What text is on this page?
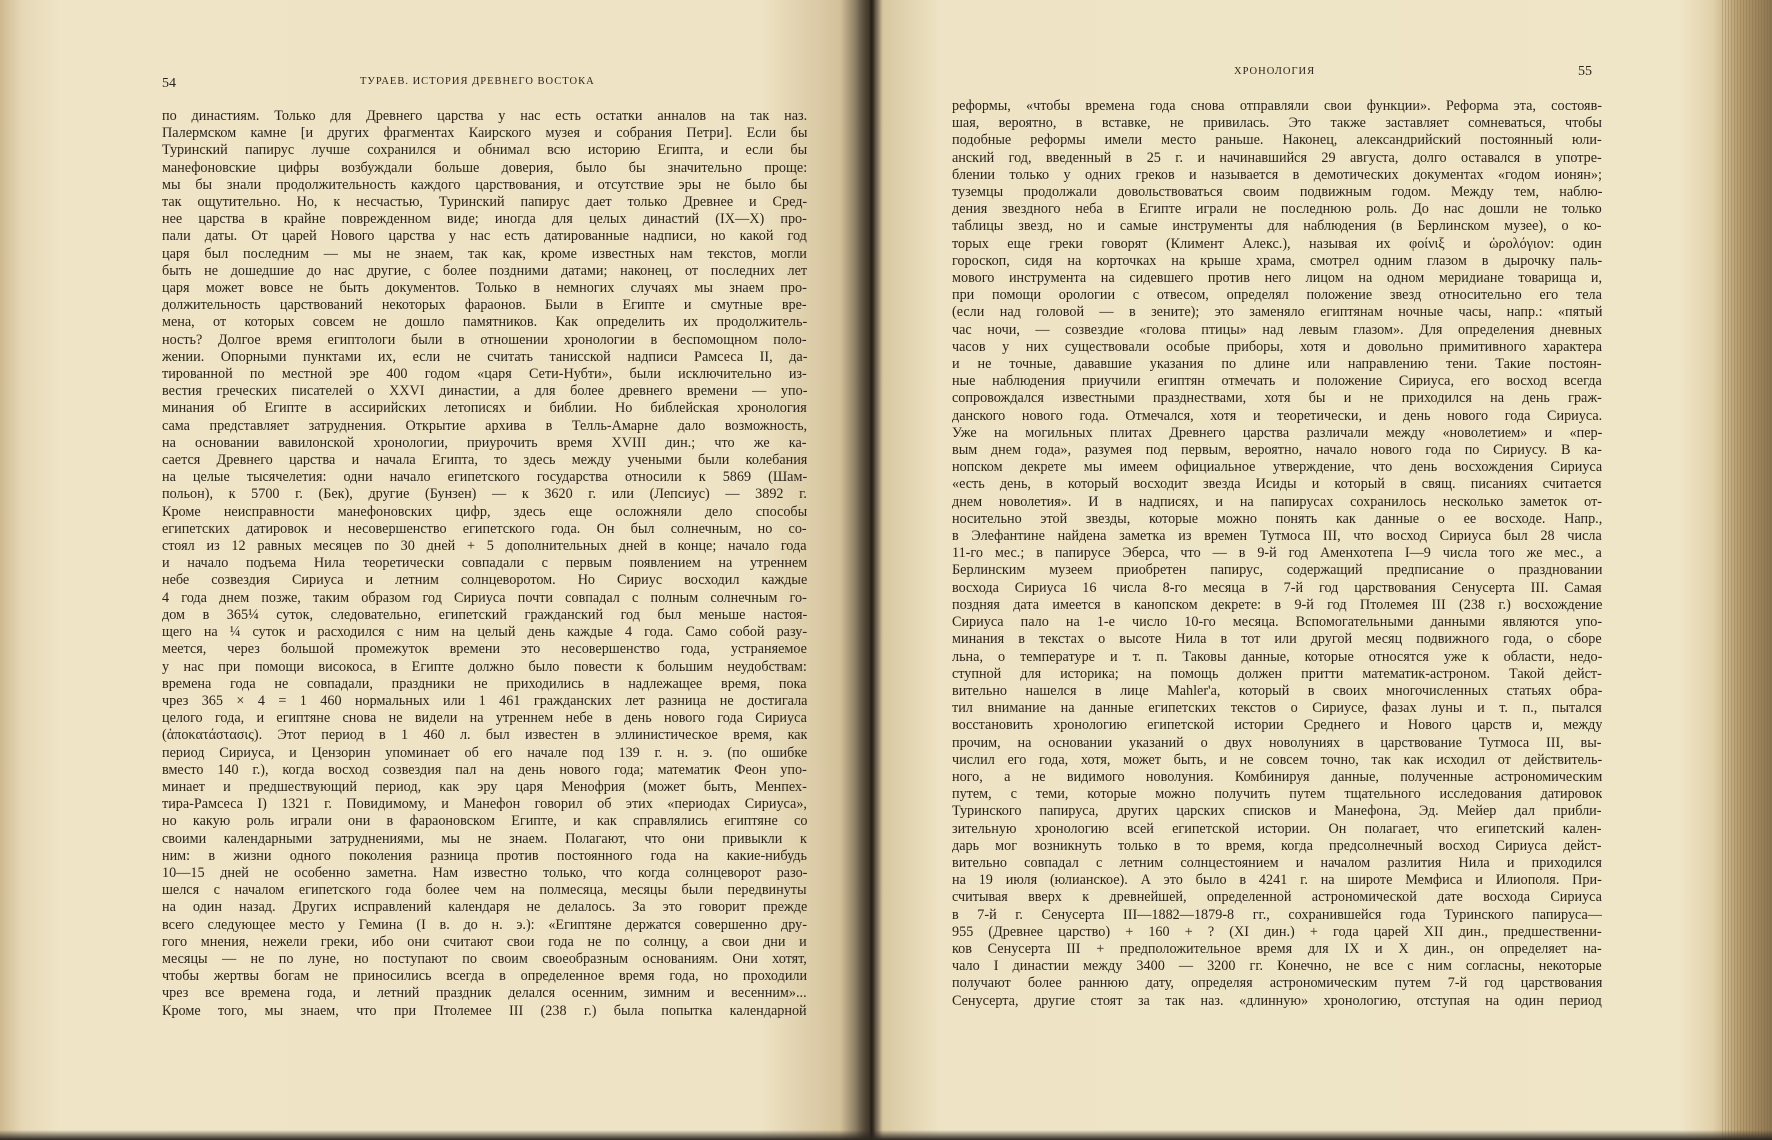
54	ТУРАЕВ. ИСТОРИЯ ДРЕВНЕГО ВОСТОКА
по династиям. Только для Древнего царства у нас есть остатки анналов на так наз.
Палермском камне [и других фрагментах Каирского музея и собрания Петри]. Если бы
Туринский папирус лучше сохранился и обнимал всю историю Египта, и если бы
манефоновские цифры возбуждали больше доверия, было бы значительно проще:
мы бы знали продолжительность каждого царствования, и отсутствие эры не было бы
так ощутительно. Но, к несчастью, Туринский папирус дает только Древнее и Сред-
нее царства в крайне поврежденном виде; иногда для целых династий (IX—X) про-
пали даты. От царей Нового царства у нас есть датированные надписи, но какой год
царя был последним — мы не знаем, так как, кроме известных нам текстов, могли
быть не дошедшие до нас другие, с более поздними датами; наконец, от последних лет
царя может вовсе не быть документов. Только в немногих случаях мы знаем про-
должительность царствований некоторых фараонов. Были в Египте и смутные вре-
мена, от которых совсем не дошло памятников. Как определить их продолжитель-
ность? Долгое время египтологи были в отношении хронологии в беспомощном поло-
жении. Опорными пунктами их, если не считать танисской надписи Рамсеса II, да-
тированной по местной эре 400 годом «царя Сети-Нубти», были исключительно из-
вестия греческих писателей о XXVI династии, а для более древнего времени — упо-
минания об Египте в ассирийских летописях и библии. Но библейская хронология
сама представляет затруднения. Открытие архива в Телль-Амарне дало возможность,
на основании вавилонской хронологии, приурочить время XVIII дин.; что же ка-
сается Древнего царства и начала Египта, то здесь между учеными были колебания
на целые тысячелетия: одни начало египетского государства относили к 5869 (Шам-
польон), к 5700 г. (Бек), другие (Бунзен) — к 3620 г. или (Лепсиус) — 3892 г.
Кроме неисправности манефоновских цифр, здесь еще осложняли дело способы
египетских датировок и несовершенство египетского года. Он был солнечным, но со-
стоял из 12 равных месяцев по 30 дней + 5 дополнительных дней в конце; начало года
и начало подъема Нила теоретически совпадали с первым появлением на утреннем
небе созвездия Сириуса и летним солнцеворотом. Но Сириус восходил каждые
4 года днем позже, таким образом год Сириуса почти совпадал с полным солнечным го-
дом в 365¼ суток, следовательно, египетский гражданский год был меньше настоя-
щего на ¼ суток и расходился с ним на целый день каждые 4 года. Само собой разу-
меется, через большой промежуток времени это несовершенство года, устраняемое
у нас при помощи високоса, в Египте должно было повести к большим неудобствам:
времена года не совпадали, праздники не приходились в надлежащее время, пока
чрез 365 × 4 = 1 460 нормальных или 1 461 гражданских лет разница не достигала
целого года, и египтяне снова не видели на утреннем небе в день нового года Сириуса
(ἀποκατάστασις). Этот период в 1 460 л. был известен в эллинистическое время, как
период Сириуса, и Цензорин упоминает об его начале под 139 г. н. э. (по ошибке
вместо 140 г.), когда восход созвездия пал на день нового года; математик Феон упо-
минает и предшествующий период, как эру царя Менофрия (может быть, Менпех-
тира-Рамсеса I) 1321 г. Повидимому, и Манефон говорил об этих «периодах Сириуса»,
но какую роль играли они в фараоновском Египте, и как справлялись египтяне со
своими календарными затруднениями, мы не знаем. Полагают, что они привыкли к
ним: в жизни одного поколения разница против постоянного года на какие-нибудь
10—15 дней не особенно заметна. Нам известно только, что когда солнцеворот разо-
шелся с началом египетского года более чем на полмесяца, месяцы были передвинуты
на один назад. Других исправлений календаря не делалось. За это говорит прежде
всего следующее место у Гемина (I в. до н. э.): «Египтяне держатся совершенно дру-
гого мнения, нежели греки, ибо они считают свои года не по солнцу, а свои дни и
месяцы — не по луне, но поступают по своим своеобразным основаниям. Они хотят,
чтобы жертвы богам не приносились всегда в определенное время года, но проходили
чрез все времена года, и летний праздник делался осенним, зимним и весенним»...
Кроме того, мы знаем, что при Птолемее III (238 г.) была попытка календарной
ХРОНОЛОГИЯ	55
реформы, «чтобы времена года снова отправляли свои функции». Реформа эта, состояв-
шая, вероятно, в вставке, не привилась. Это также заставляет сомневаться, чтобы
подобные реформы имели место раньше. Наконец, александрийский постоянный юли-
анский год, введенный в 25 г. и начинавшийся 29 августа, долго оставался в употре-
блении только у одних греков и называется в демотических документах «годом ионян»;
туземцы продолжали довольствоваться своим подвижным годом. Между тем, наблю-
дения звездного неба в Египте играли не последнюю роль. До нас дошли не только
таблицы звезд, но и самые инструменты для наблюдения (в Берлинском музее), о ко-
торых еще греки говорят (Климент Алекс.), называя их φοίνιξ и ὡρολόγιον: один
гороскоп, сидя на корточках на крыше храма, смотрел одним глазом в дырочку паль-
мового инструмента на сидевшего против него лицом на одном меридиане товарища и,
при помощи орологии с отвесом, определял положение звезд относительно его тела
(если над головой — в зените); это заменяло египтянам ночные часы, напр.: «пятый
час ночи, — созвездие «голова птицы» над левым глазом». Для определения дневных
часов у них существовали особые приборы, хотя и довольно примитивного характера
и не точные, дававшие указания по длине или направлению тени. Такие постоян-
ные наблюдения приучили египтян отмечать и положение Сириуса, его восход всегда
сопровождался известными празднествами, хотя бы и не приходился на день граж-
данского нового года. Отмечался, хотя и теоретически, и день нового года Сириуса.
Уже на могильных плитах Древнего царства различали между «новолетием» и «пер-
вым днем года», разумея под первым, вероятно, начало нового года по Сириусу. В ка-
нопском декрете мы имеем официальное утверждение, что день восхождения Сириуса
«есть день, в который восходит звезда Исиды и который в свящ. писаниях считается
днем новолетия». И в надписях, и на папирусах сохранилось несколько заметок от-
носительно этой звезды, которые можно понять как данные о ее восходе. Напр.,
в Элефантине найдена заметка из времен Тутмоса III, что восход Сириуса был 28 числа
11-го мес.; в папирусе Эберса, что — в 9-й год Аменхотепа I—9 числа того же мес., а
Берлинским музеем приобретен папирус, содержащий предписание о праздновании
восхода Сириуса 16 числа 8-го месяца в 7-й год царствования Сенусерта III. Самая
поздняя дата имеется в канопском декрете: в 9-й год Птолемея III (238 г.) восхождение
Сириуса пало на 1-е число 10-го месяца. Вспомогательными данными являются упо-
минания в текстах о высоте Нила в тот или другой месяц подвижного года, о сборе
льна, о температуре и т. п. Таковы данные, которые относятся уже к области, недо-
ступной для историка; на помощь должен притти математик-астроном. Такой дейст-
вительно нашелся в лице Mahler'a, который в своих многочисленных статьях обра-
тил внимание на данные египетских текстов о Сириусе, фазах луны и т. п., пытался
восстановить хронологию египетской истории Среднего и Нового царств и, между
прочим, на основании указаний о двух новолуниях в царствование Тутмоса III, вы-
числил его года, хотя, может быть, и не совсем точно, так как исходил от действитель-
ного, а не видимого новолуния. Комбинируя данные, полученные астрономическим
путем, с теми, которые можно получить путем тщательного исследования датировок
Туринского папируса, других царских списков и Манефона, Эд. Мейер дал прибли-
зительную хронологию всей египетской истории. Он полагает, что египетский кален-
дарь мог возникнуть только в то время, когда предсолнечный восход Сириуса дейст-
вительно совпадал с летним солнцестоянием и началом разлития Нила и приходился
на 19 июля (юлианское). А это было в 4241 г. на широте Мемфиса и Илиополя. При-
считывая вверх к древнейшей, определенной астрономической дате восхода Сириуса
в 7-й г. Сенусерта III—1882—1879-8 гг., сохранившейся года Туринского папируса—
955 (Древнее царство) + 160 + ? (XI дин.) + года царей XII дин., предшественни-
ков Сенусерта III + предположительное время для IX и X дин., он определяет на-
чало I династии между 3400 — 3200 гг. Конечно, не все с ним согласны, некоторые
получают более раннюю дату, определяя астрономическим путем 7-й год царствования
Сенусерта, другие стоят за так наз. «длинную» хронологию, отступая на один период
